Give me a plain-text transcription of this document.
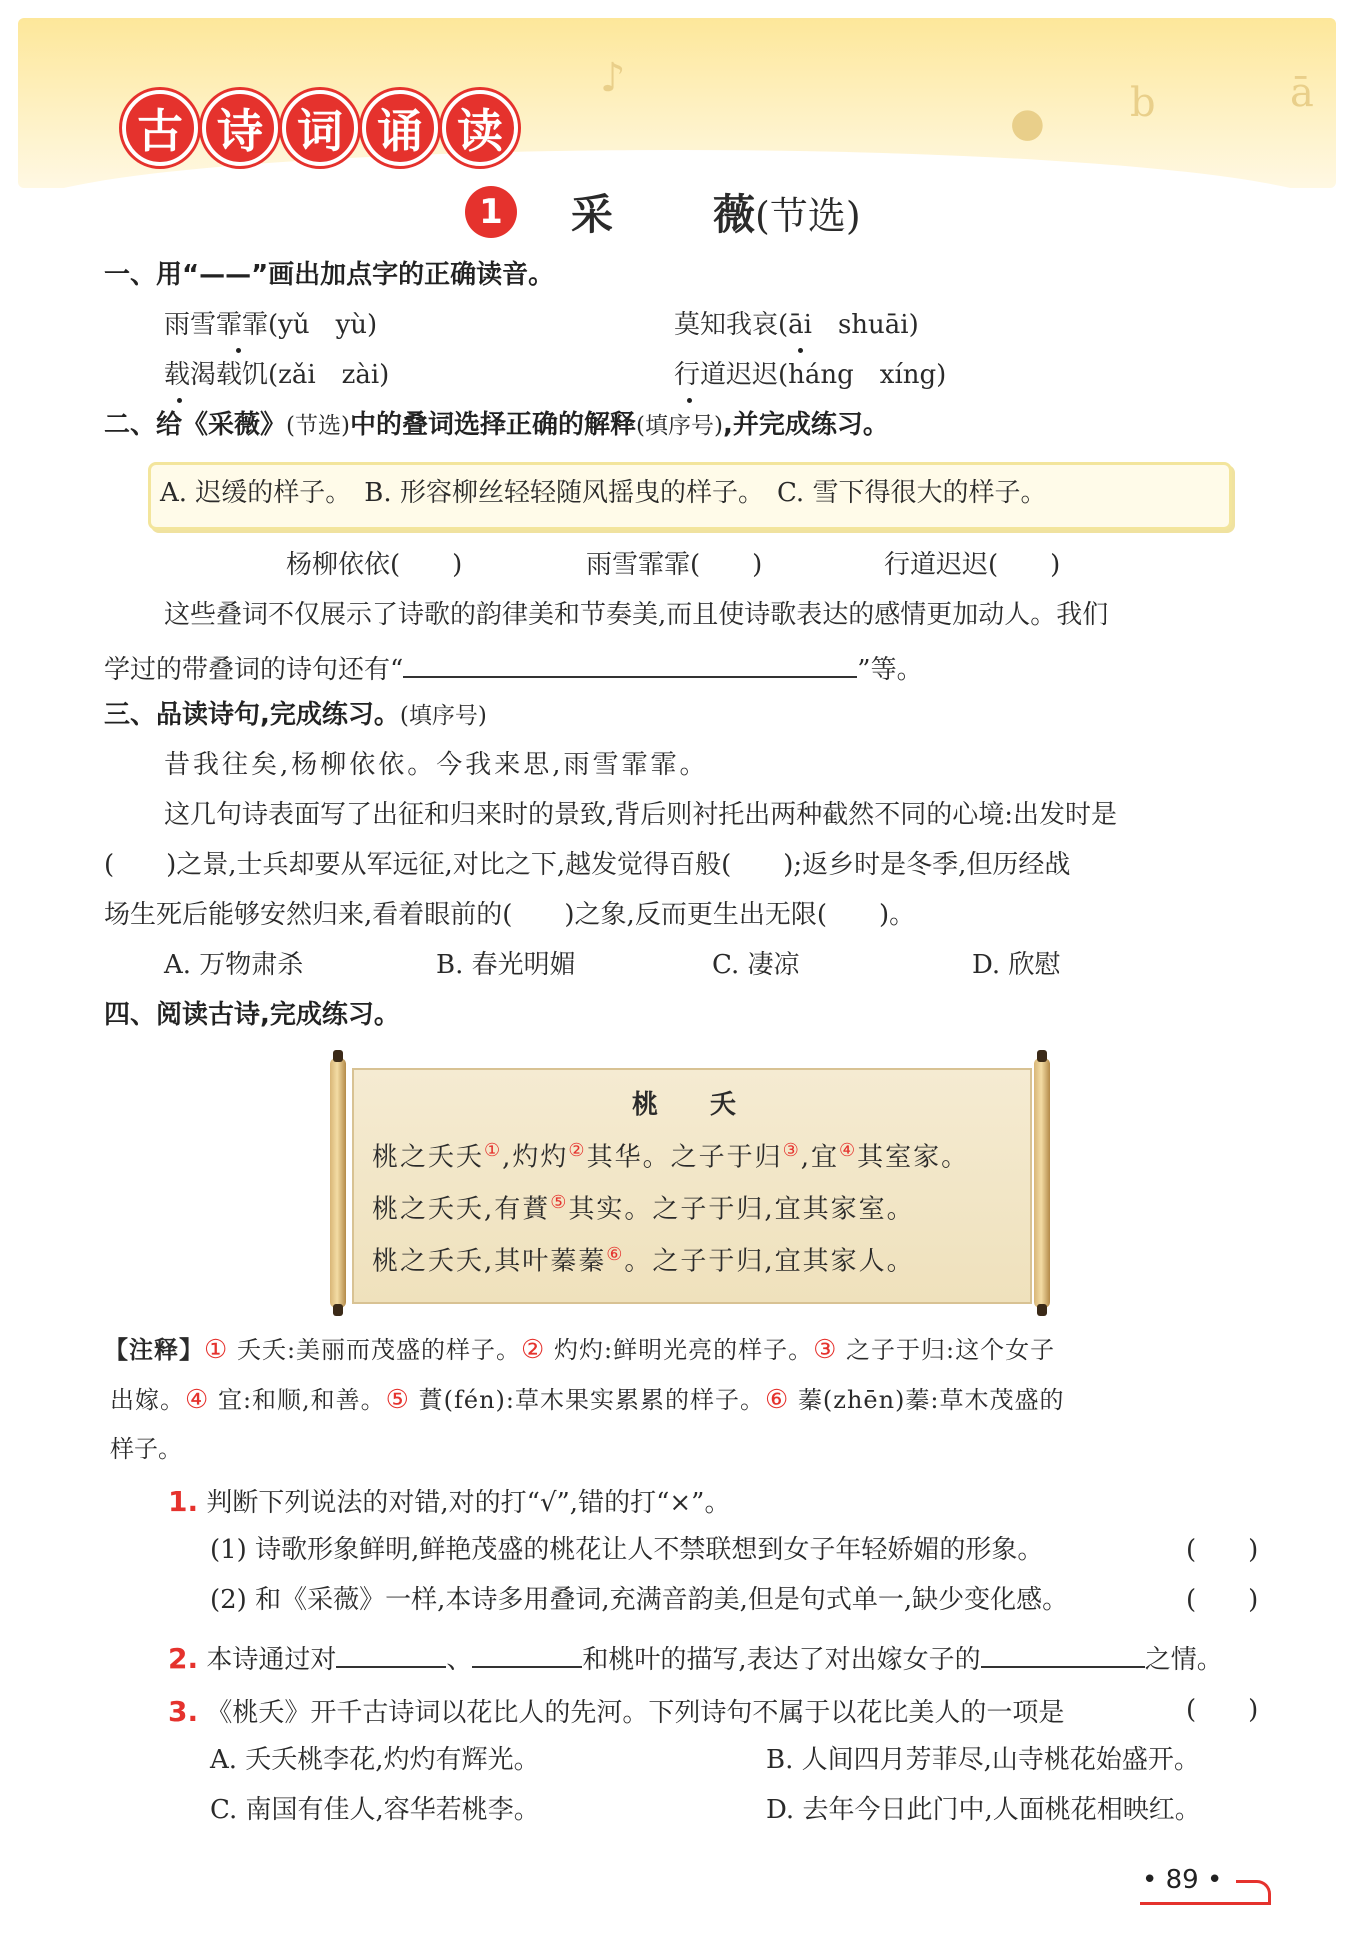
♪
b	ā
●
古 诗 词 诵 读
1	采 薇 (节选)
一、用“——”画出加点字的正确读音。
雨雪霏霏(yǔ　yù)	莫知我哀(āi　shuāi)
载渴载饥(zǎi　zài)	行道迟迟(háng　xíng)
二、给《采薇》(节选)中的叠词选择正确的解释(填序号),并完成练习。
A. 迟缓的样子。　B. 形容柳丝轻轻随风摇曳的样子。　C. 雪下得很大的样子。
杨柳依依(　　)	雨雪霏霏(　　)	行道迟迟(　　)
这些叠词不仅展示了诗歌的韵律美和节奏美,而且使诗歌表达的感情更加动人。我们
学过的带叠词的诗句还有“	”等。
三、品读诗句,完成练习。(填序号)
昔我往矣,杨柳依依。今我来思,雨雪霏霏。
这几句诗表面写了出征和归来时的景致,背后则衬托出两种截然不同的心境:出发时是
(　　)之景,士兵却要从军远征,对比之下,越发觉得百般(　　);返乡时是冬季,但历经战
场生死后能够安然归来,看着眼前的(　　)之象,反而更生出无限(　　)。
A. 万物肃杀	B. 春光明媚	C. 凄凉	D. 欣慰
四、阅读古诗,完成练习。
桃　　夭
桃之夭夭①,灼灼②其华。之子于归③,宜④其室家。
桃之夭夭,有蕡⑤其实。之子于归,宜其家室。
桃之夭夭,其叶蓁蓁⑥。之子于归,宜其家人。
【注释】① 夭夭:美丽而茂盛的样子。② 灼灼:鲜明光亮的样子。③ 之子于归:这个女子
出嫁。④ 宜:和顺,和善。⑤ 蕡(fén):草木果实累累的样子。⑥ 蓁(zhēn)蓁:草木茂盛的
样子。
1. 判断下列说法的对错,对的打“√”,错的打“×”。
(1) 诗歌形象鲜明,鲜艳茂盛的桃花让人不禁联想到女子年轻娇媚的形象。	(　　)
(2) 和《采薇》一样,本诗多用叠词,充满音韵美,但是句式单一,缺少变化感。	(　　)
2. 本诗通过对	、	和桃叶的描写,表达了对出嫁女子的	之情。
3. 《桃夭》开千古诗词以花比人的先河。下列诗句不属于以花比美人的一项是	(　　)
A. 夭夭桃李花,灼灼有辉光。	B. 人间四月芳菲尽,山寺桃花始盛开。
C. 南国有佳人,容华若桃李。	D. 去年今日此门中,人面桃花相映红。
• 89 •
